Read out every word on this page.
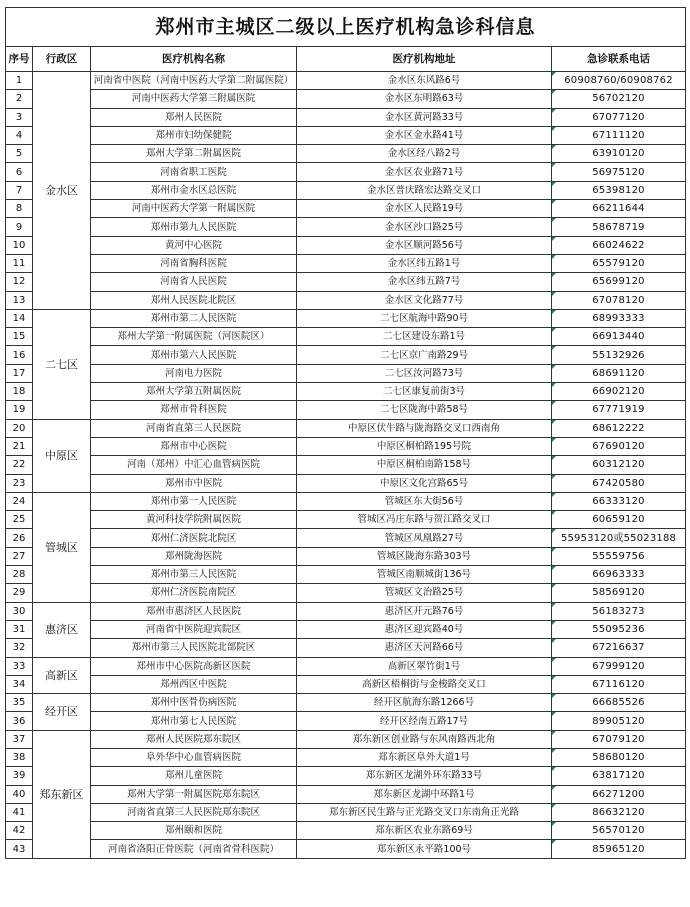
郑州市主城区二级以上医疗机构急诊科信息				
序号	行政区	医疗机构名称	医疗机构地址	急诊联系电话
1	金水区	河南省中医院（河南中医药大学第二附属医院）	金水区东风路6号	60908760/60908762
2		河南中医药大学第三附属医院	金水区东明路63号	56702120
3		郑州人民医院	金水区黄河路33号	67077120
4		郑州市妇幼保健院	金水区金水路41号	67111120
5		郑州大学第二附属医院	金水区经八路2号	63910120
6		河南省职工医院	金水区农业路71号	56975120
7		郑州市金水区总医院	金水区普庆路宏达路交叉口	65398120
8		河南中医药大学第一附属医院	金水区人民路19号	66211644
9		郑州市第九人民医院	金水区沙口路25号	58678719
10		黄河中心医院	金水区顺河路56号	66024622
11		河南省胸科医院	金水区纬五路1号	65579120
12		河南省人民医院	金水区纬五路7号	65699120
13		郑州人民医院北院区	金水区文化路77号	67078120
14	二七区	郑州市第二人民医院	二七区航海中路90号	68993333
15		郑州大学第一附属医院（河医院区）	二七区建设东路1号	66913440
16		郑州市第六人民医院	二七区京广南路29号	55132926
17		河南电力医院	二七区汝河路73号	68691120
18		郑州大学第五附属医院	二七区康复前街3号	66902120
19		郑州市骨科医院	二七区陇海中路58号	67771919
20	中原区	河南省直第三人民医院	中原区伏牛路与陇海路交叉口西南角	68612222
21		郑州市中心医院	中原区桐柏路195号院	67690120
22		河南（郑州）中汇心血管病医院	中原区桐柏南路158号	60312120
23		郑州市中医院	中原区文化宫路65号	67420580
24	管城区	郑州市第一人民医院	管城区东大街56号	66333120
25		黄河科技学院附属医院	管城区冯庄东路与贺江路交叉口	60659120
26		郑州仁济医院北院区	管城区凤凰路27号	55953120或55023188
27		郑州陇海医院	管城区陇海东路303号	55559756
28		郑州市第三人民医院	管城区南顺城街136号	66963333
29		郑州仁济医院南院区	管城区文治路25号	58569120
30	惠济区	郑州市惠济区人民医院	惠济区开元路76号	56183273
31		河南省中医院迎宾院区	惠济区迎宾路40号	55095236
32		郑州市第三人民医院北部院区	惠济区天河路66号	67216637
33	高新区	郑州市中心医院高新区医院	高新区翠竹街1号	67999120
34		郑州西区中医院	高新区梧桐街与金梭路交叉口	67116120
35	经开区	郑州中医骨伤病医院	经开区航海东路1266号	66685526
36		郑州市第七人民医院	经开区经南五路17号	89905120
37	郑东新区	郑州人民医院郑东院区	郑东新区创业路与东风南路西北角	67079120
38		阜外华中心血管病医院	郑东新区阜外大道1号	58680120
39		郑州儿童医院	郑东新区龙湖外环东路33号	63817120
40		郑州大学第一附属医院郑东院区	郑东新区龙湖中环路1号	66271200
41		河南省直第三人民医院郑东院区	郑东新区民生路与正光路交叉口东南角正光路	86632120
42		郑州颐和医院	郑东新区农业东路69号	56570120
43		河南省洛阳正骨医院（河南省骨科医院）	郑东新区永平路100号	85965120
